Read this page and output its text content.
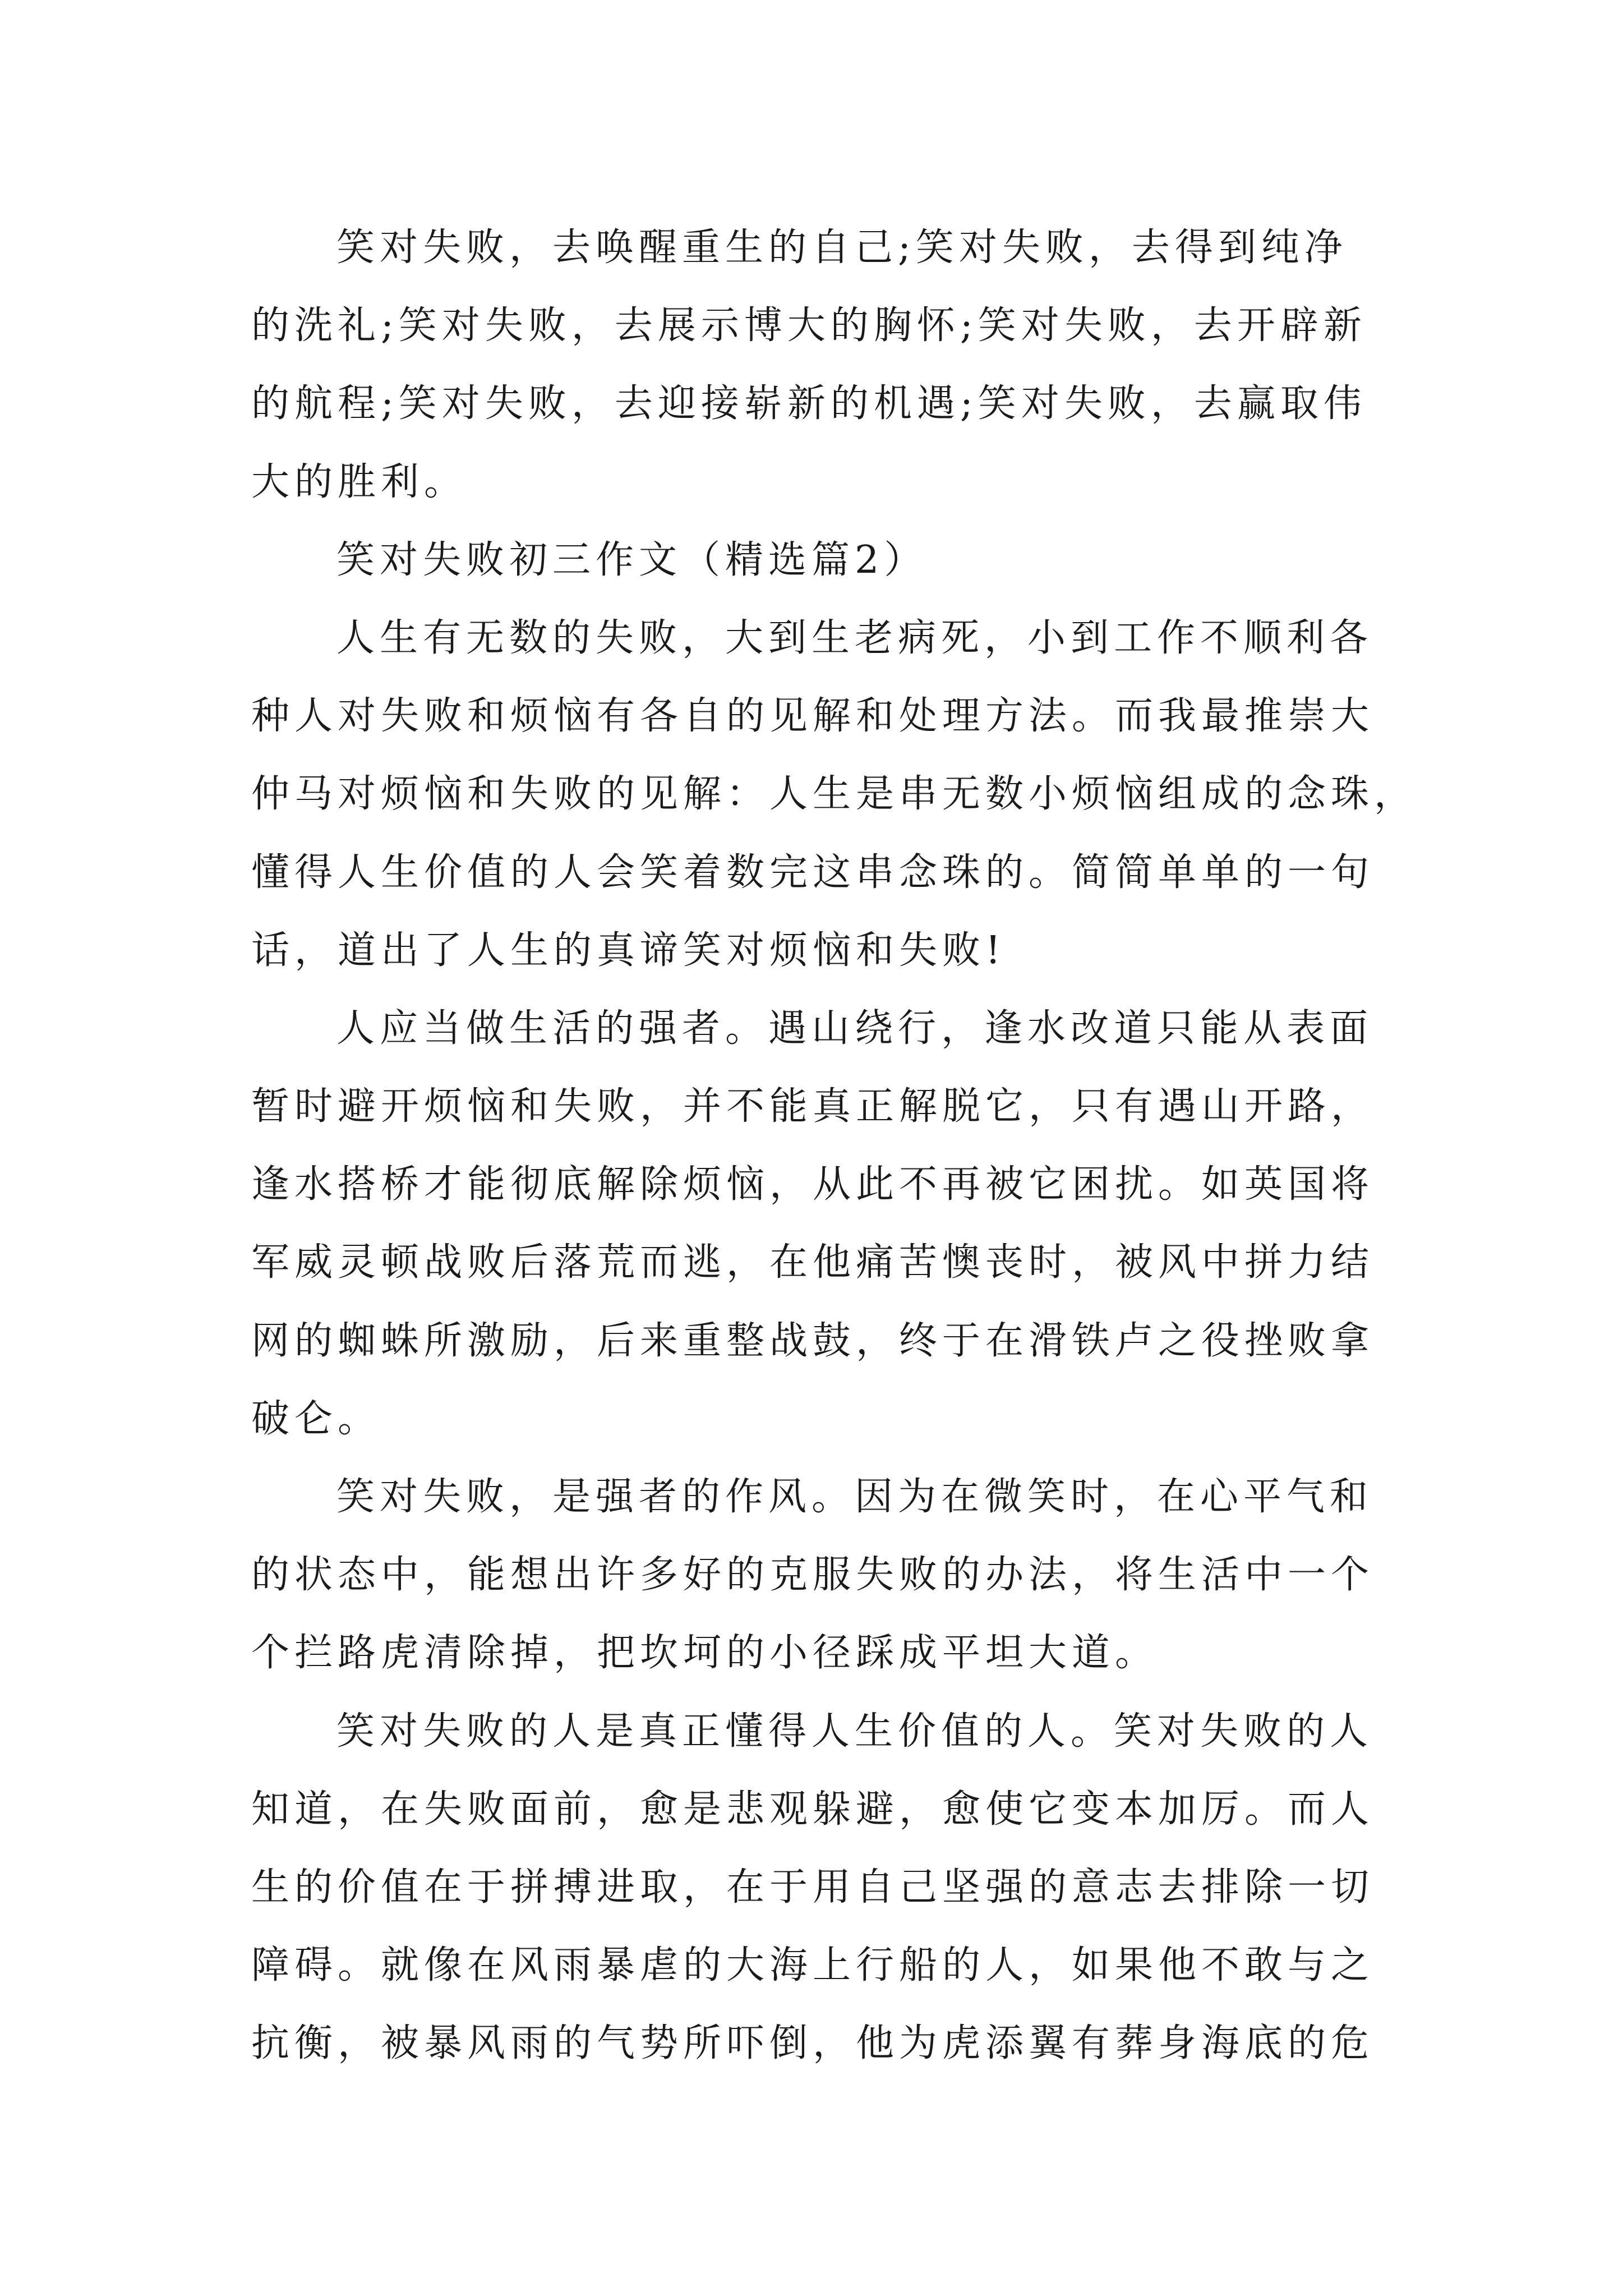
笑对失败，去唤醒重生的自己;笑对失败，去得到纯净
的洗礼;笑对失败，去展示博大的胸怀;笑对失败，去开辟新
的航程;笑对失败，去迎接崭新的机遇;笑对失败，去赢取伟
大的胜利。
笑对失败初三作文（精选篇2）
人生有无数的失败，大到生老病死，小到工作不顺利各
种人对失败和烦恼有各自的见解和处理方法。而我最推崇大
仲马对烦恼和失败的见解：人生是串无数小烦恼组成的念珠，
懂得人生价值的人会笑着数完这串念珠的。简简单单的一句
话，道出了人生的真谛笑对烦恼和失败!
人应当做生活的强者。遇山绕行，逢水改道只能从表面
暂时避开烦恼和失败，并不能真正解脱它，只有遇山开路，
逢水搭桥才能彻底解除烦恼，从此不再被它困扰。如英国将
军威灵顿战败后落荒而逃，在他痛苦懊丧时，被风中拼力结
网的蜘蛛所激励，后来重整战鼓，终于在滑铁卢之役挫败拿
破仑。
笑对失败，是强者的作风。因为在微笑时，在心平气和
的状态中，能想出许多好的克服失败的办法，将生活中一个
个拦路虎清除掉，把坎坷的小径踩成平坦大道。
笑对失败的人是真正懂得人生价值的人。笑对失败的人
知道，在失败面前，愈是悲观躲避，愈使它变本加厉。而人
生的价值在于拼搏进取，在于用自己坚强的意志去排除一切
障碍。就像在风雨暴虐的大海上行船的人，如果他不敢与之
抗衡，被暴风雨的气势所吓倒，他为虎添翼有葬身海底的危
